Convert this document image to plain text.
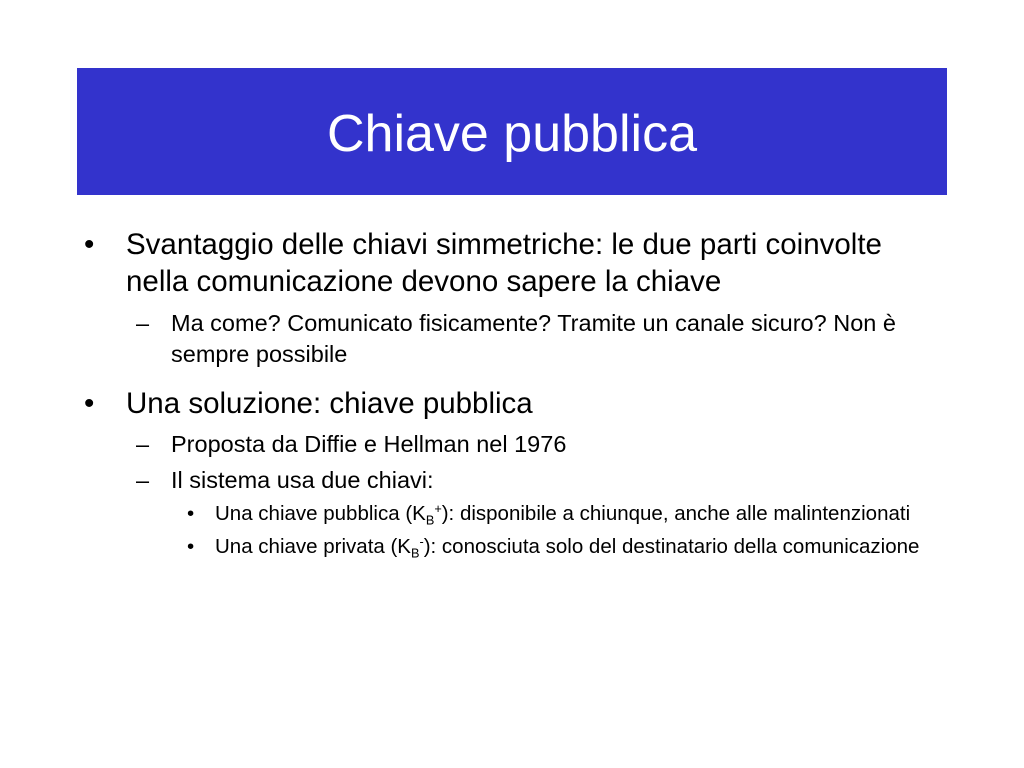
Chiave pubblica
• Svantaggio delle chiavi simmetriche: le due parti coinvolte nella comunicazione devono sapere la chiave
– Ma come? Comunicato fisicamente? Tramite un canale sicuro? Non è sempre possibile
• Una soluzione: chiave pubblica
– Proposta da Diffie e Hellman nel 1976
– Il sistema usa due chiavi:
• Una chiave pubblica $(K_B^+)$: disponibile a chiunque, anche alle malintenzionati
• Una chiave privata $(K_B^-)$: conosciuta solo del destinatario della comunicazione
